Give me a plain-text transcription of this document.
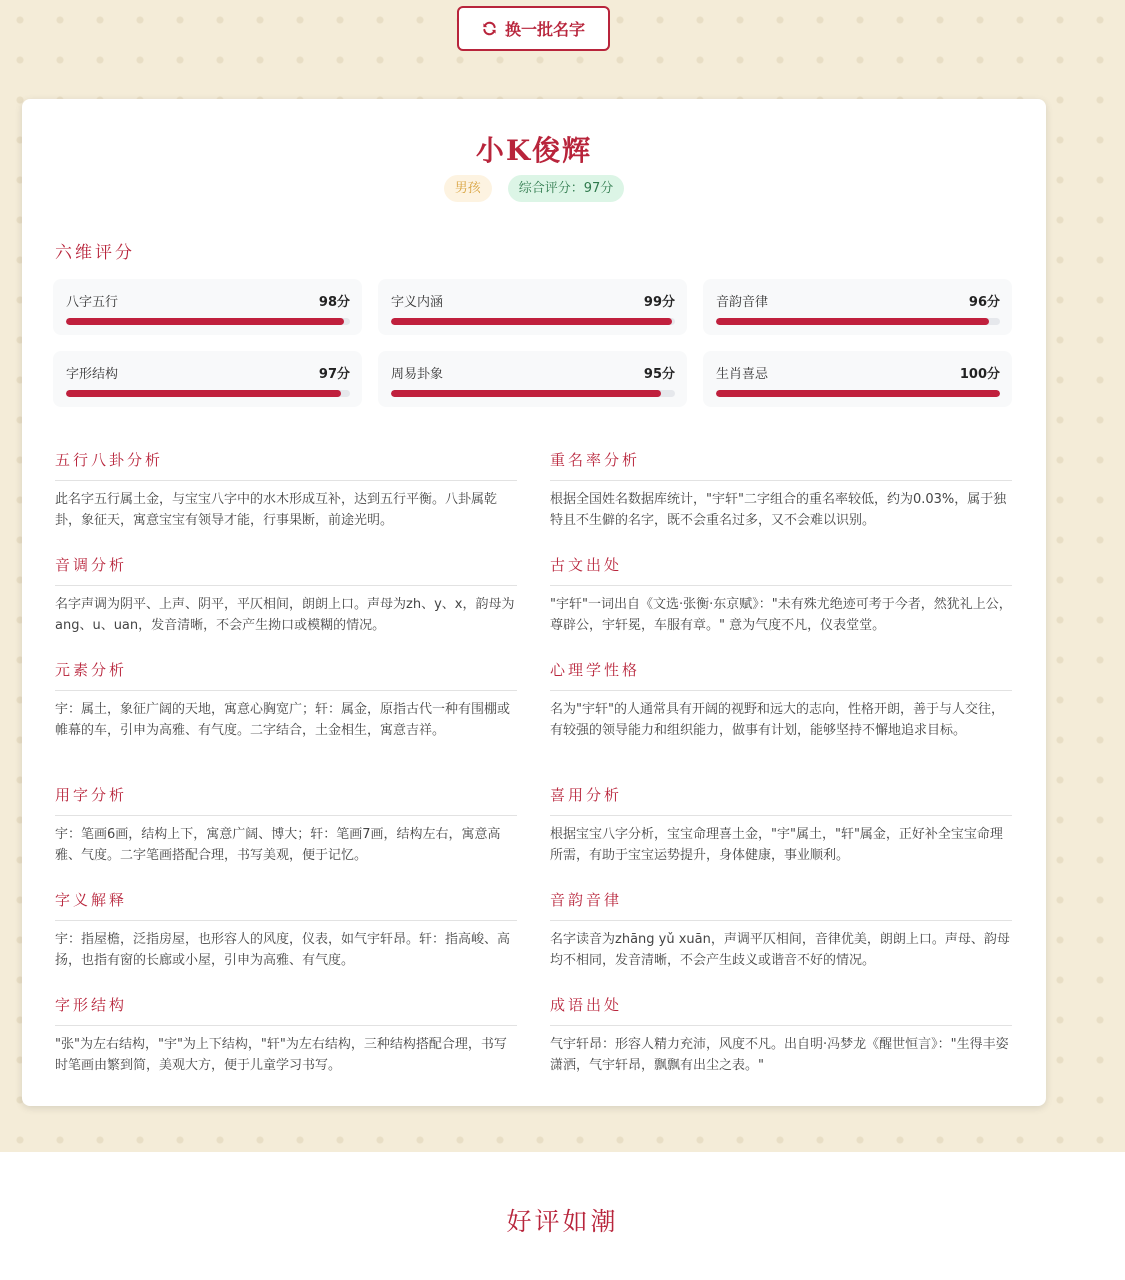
换一批名字
小K俊辉
男孩	综合评分：97分
六维评分
八字五行	98分	字义内涵	99分	音韵音律	96分
字形结构	97分	周易卦象	95分	生肖喜忌	100分
五行八卦分析
此名字五行属土金，与宝宝八字中的水木形成互补，达到五行平衡。八卦属乾卦，象征天，寓意宝宝有领导才能，行事果断，前途光明。
重名率分析
根据全国姓名数据库统计，"宇轩"二字组合的重名率较低，约为0.03%，属于独特且不生僻的名字，既不会重名过多，又不会难以识别。
音调分析
名字声调为阴平、上声、阴平，平仄相间，朗朗上口。声母为zh、y、x，韵母为ang、u、uan，发音清晰，不会产生拗口或模糊的情况。
古文出处
"宇轩"一词出自《文选·张衡·东京赋》："未有殊尤绝迹可考于今者，然犹礼上公，尊辟公，宇轩冕，车服有章。" 意为气度不凡，仪表堂堂。
元素分析
宇：属土，象征广阔的天地，寓意心胸宽广；轩：属金，原指古代一种有围棚或帷幕的车，引申为高雅、有气度。二字结合，土金相生，寓意吉祥。
心理学性格
名为"宇轩"的人通常具有开阔的视野和远大的志向，性格开朗，善于与人交往，有较强的领导能力和组织能力，做事有计划，能够坚持不懈地追求目标。
用字分析
宇：笔画6画，结构上下，寓意广阔、博大；轩：笔画7画，结构左右，寓意高雅、气度。二字笔画搭配合理，书写美观，便于记忆。
喜用分析
根据宝宝八字分析，宝宝命理喜土金，"宇"属土，"轩"属金，正好补全宝宝命理所需，有助于宝宝运势提升，身体健康，事业顺利。
字义解释
宇：指屋檐，泛指房屋，也形容人的风度，仪表，如气宇轩昂。轩：指高峻、高扬，也指有窗的长廊或小屋，引申为高雅、有气度。
音韵音律
名字读音为zhāng yǔ xuān，声调平仄相间，音律优美，朗朗上口。声母、韵母均不相同，发音清晰，不会产生歧义或谐音不好的情况。
字形结构
"张"为左右结构，"宇"为上下结构，"轩"为左右结构，三种结构搭配合理，书写时笔画由繁到简，美观大方，便于儿童学习书写。
成语出处
气宇轩昂：形容人精力充沛，风度不凡。出自明·冯梦龙《醒世恒言》："生得丰姿潇洒，气宇轩昂，飘飘有出尘之表。"
好评如潮
